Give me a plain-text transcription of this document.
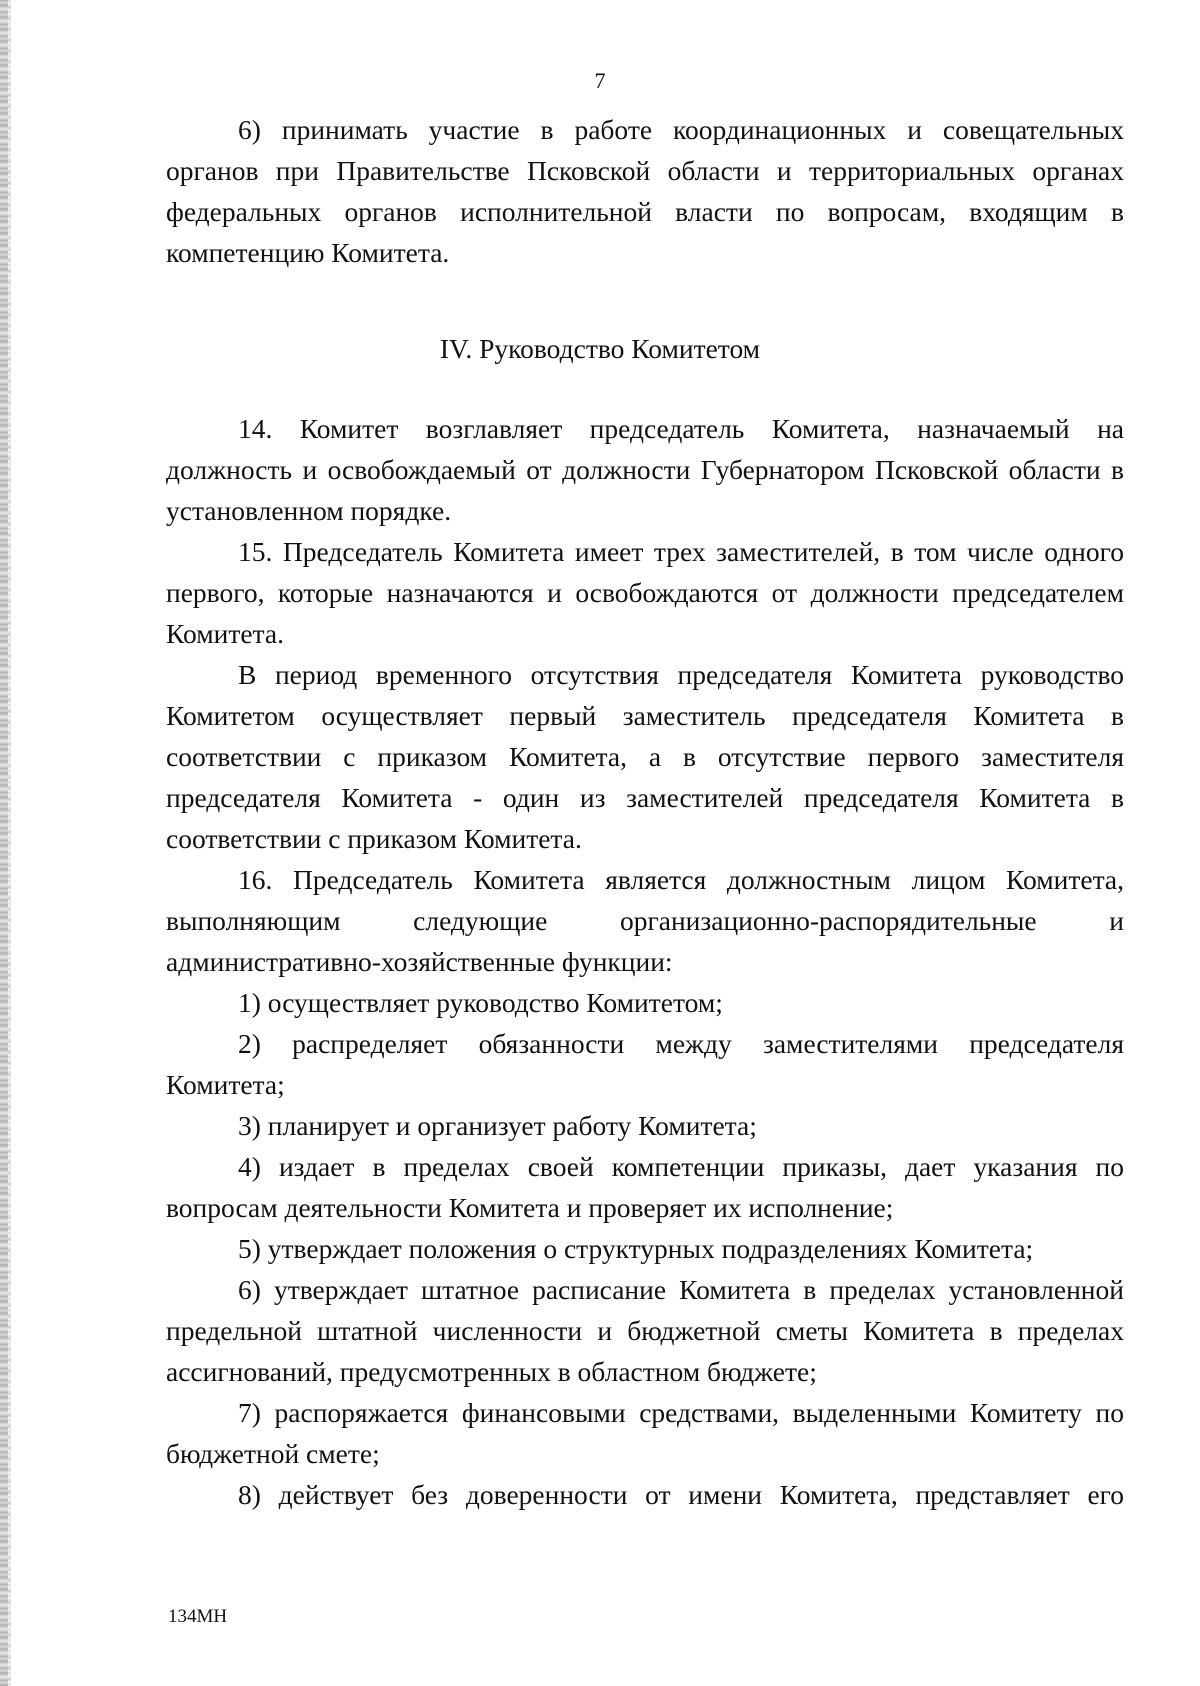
7

6) принимать участие в работе координационных и совещательных органов при Правительстве Псковской области и территориальных органах федеральных органов исполнительной власти по вопросам, входящим в компетенцию Комитета.

IV. Руководство Комитетом

14. Комитет возглавляет председатель Комитета, назначаемый на должность и освобождаемый от должности Губернатором Псковской области в установленном порядке.

15. Председатель Комитета имеет трех заместителей, в том числе одного первого, которые назначаются и освобождаются от должности председателем Комитета.

В период временного отсутствия председателя Комитета руководство Комитетом осуществляет первый заместитель председателя Комитета в соответствии с приказом Комитета, а в отсутствие первого заместителя председателя Комитета - один из заместителей председателя Комитета в соответствии с приказом Комитета.

16. Председатель Комитета является должностным лицом Комитета, выполняющим следующие организационно-распорядительные и административно-хозяйственные функции:

1) осуществляет руководство Комитетом;

2) распределяет обязанности между заместителями председателя Комитета;

3) планирует и организует работу Комитета;

4) издает в пределах своей компетенции приказы, дает указания по вопросам деятельности Комитета и проверяет их исполнение;

5) утверждает положения о структурных подразделениях Комитета;

6) утверждает штатное расписание Комитета в пределах установленной предельной штатной численности и бюджетной сметы Комитета в пределах ассигнований, предусмотренных в областном бюджете;

7) распоряжается финансовыми средствами, выделенными Комитету по бюджетной смете;

8) действует без доверенности от имени Комитета, представляет его

134МН
